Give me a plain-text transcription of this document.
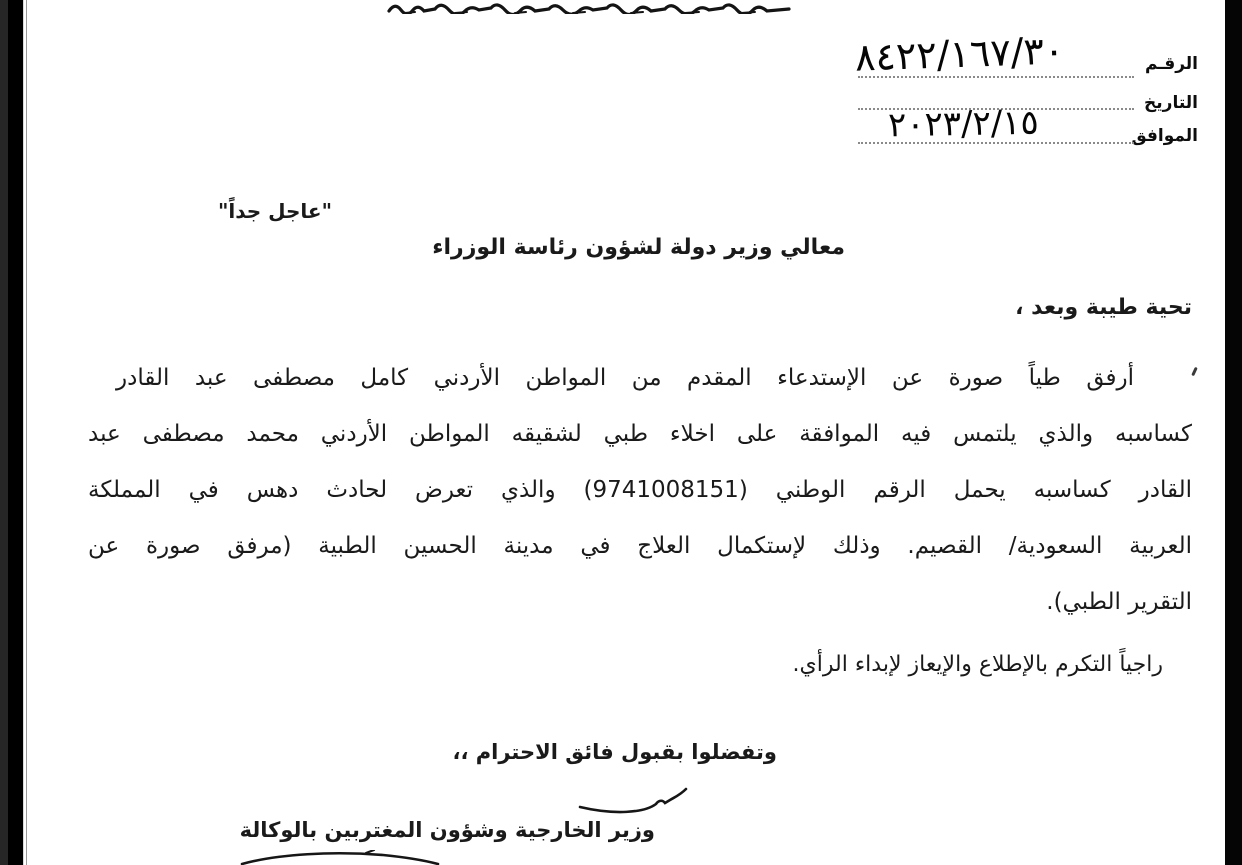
الرقـم
٨٤٢٢/١٦٧/٣٠
التاريخ
الموافق
٢٠٢٣/٢/١٥
"عاجل جداً"
معالي وزير دولة لشؤون رئاسة الوزراء
تحية طيبة وبعد ،
أرفق طياً صورة عن الإستدعاء المقدم من المواطن الأردني كامل مصطفى عبد القادر
كساسبه والذي يلتمس فيه الموافقة على اخلاء طبي لشقيقه المواطن الأردني محمد مصطفى عبد
القادر كساسبه يحمل الرقم الوطني (9741008151) والذي تعرض لحادث دهس في المملكة
العربية السعودية/ القصيم. وذلك لإستكمال العلاج في مدينة الحسين الطبية (مرفق صورة عن
التقرير الطبي).
راجياً التكرم بالإطلاع والإيعاز لإبداء الرأي.
وتفضلوا بقبول فائق الاحترام ،،
وزير الخارجية وشؤون المغتربين بالوكالة
